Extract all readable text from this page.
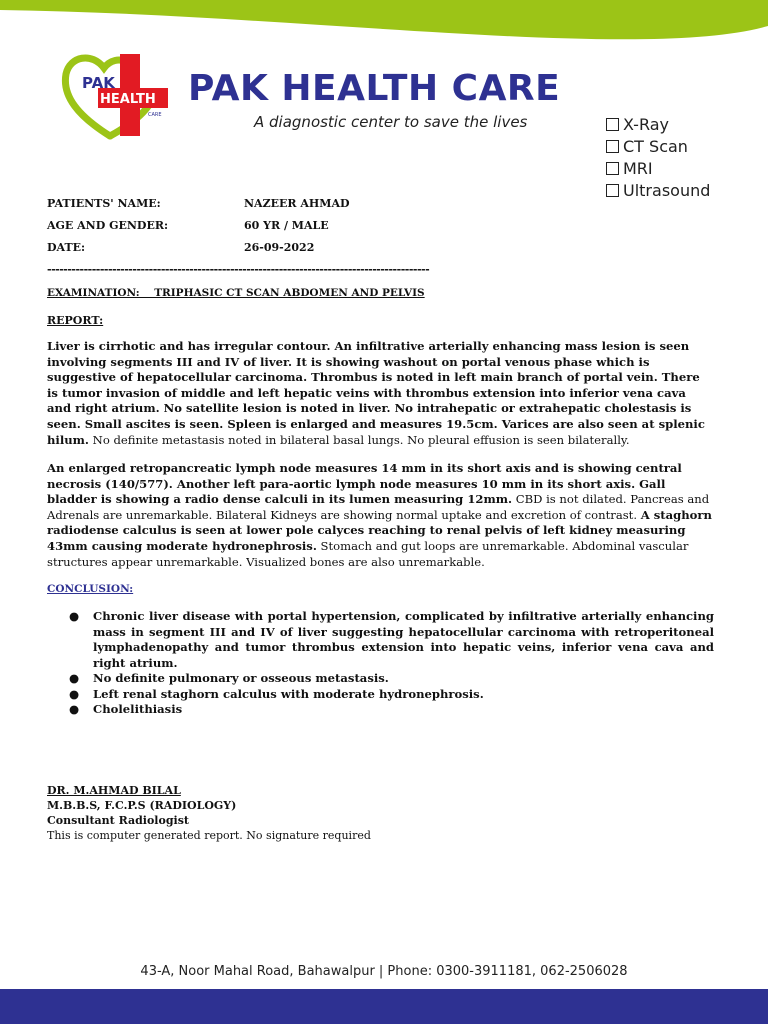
PAK
HEALTH
CARE
PAK HEALTH CARE
A diagnostic center to save the lives	X-Ray
CT Scan
MRI
Ultrasound
PATIENTS' NAME:	NAZEER AHMAD
AGE AND GENDER:	60 YR / MALE
DATE:	26-09-2022
----------------------------------------------------------------------------------------------
EXAMINATION:    TRIPHASIC CT SCAN ABDOMEN AND PELVIS
REPORT:
Liver is cirrhotic and has irregular contour. An infiltrative arterially enhancing mass lesion is seen involving segments III and IV of liver. It is showing washout on portal venous phase which is suggestive of hepatocellular carcinoma. Thrombus is noted in left main branch of portal vein. There is tumor invasion of middle and left hepatic veins with thrombus extension into inferior vena cava and right atrium. No satellite lesion is noted in liver. No intrahepatic or extrahepatic cholestasis is seen. Small ascites is seen. Spleen is enlarged and measures 19.5cm. Varices are also seen at splenic hilum. No definite metastasis noted in bilateral basal lungs. No pleural effusion is seen bilaterally.
An enlarged retropancreatic lymph node measures 14 mm in its short axis and is showing central necrosis (140/577). Another left para-aortic lymph node measures 10 mm in its short axis. Gall bladder is showing a radio dense calculi in its lumen measuring 12mm. CBD is not dilated. Pancreas and Adrenals are unremarkable. Bilateral Kidneys are showing normal uptake and excretion of contrast. A staghorn radiodense calculus is seen at lower pole calyces reaching to renal pelvis of left kidney measuring 43mm causing moderate hydronephrosis. Stomach and gut loops are unremarkable. Abdominal vascular structures appear unremarkable. Visualized bones are also unremarkable.
CONCLUSION:
● Chronic liver disease with portal hypertension, complicated by infiltrative arterially enhancing mass in segment III and IV of liver suggesting hepatocellular carcinoma with retroperitoneal lymphadenopathy and tumor thrombus extension into hepatic veins, inferior vena cava and right atrium.
● No definite pulmonary or osseous metastasis.
● Left renal staghorn calculus with moderate hydronephrosis.
● Cholelithiasis
DR. M.AHMAD BILAL
M.B.B.S, F.C.P.S (RADIOLOGY)
Consultant Radiologist
This is computer generated report. No signature required
43-A, Noor Mahal Road, Bahawalpur | Phone: 0300-3911181, 062-2506028
